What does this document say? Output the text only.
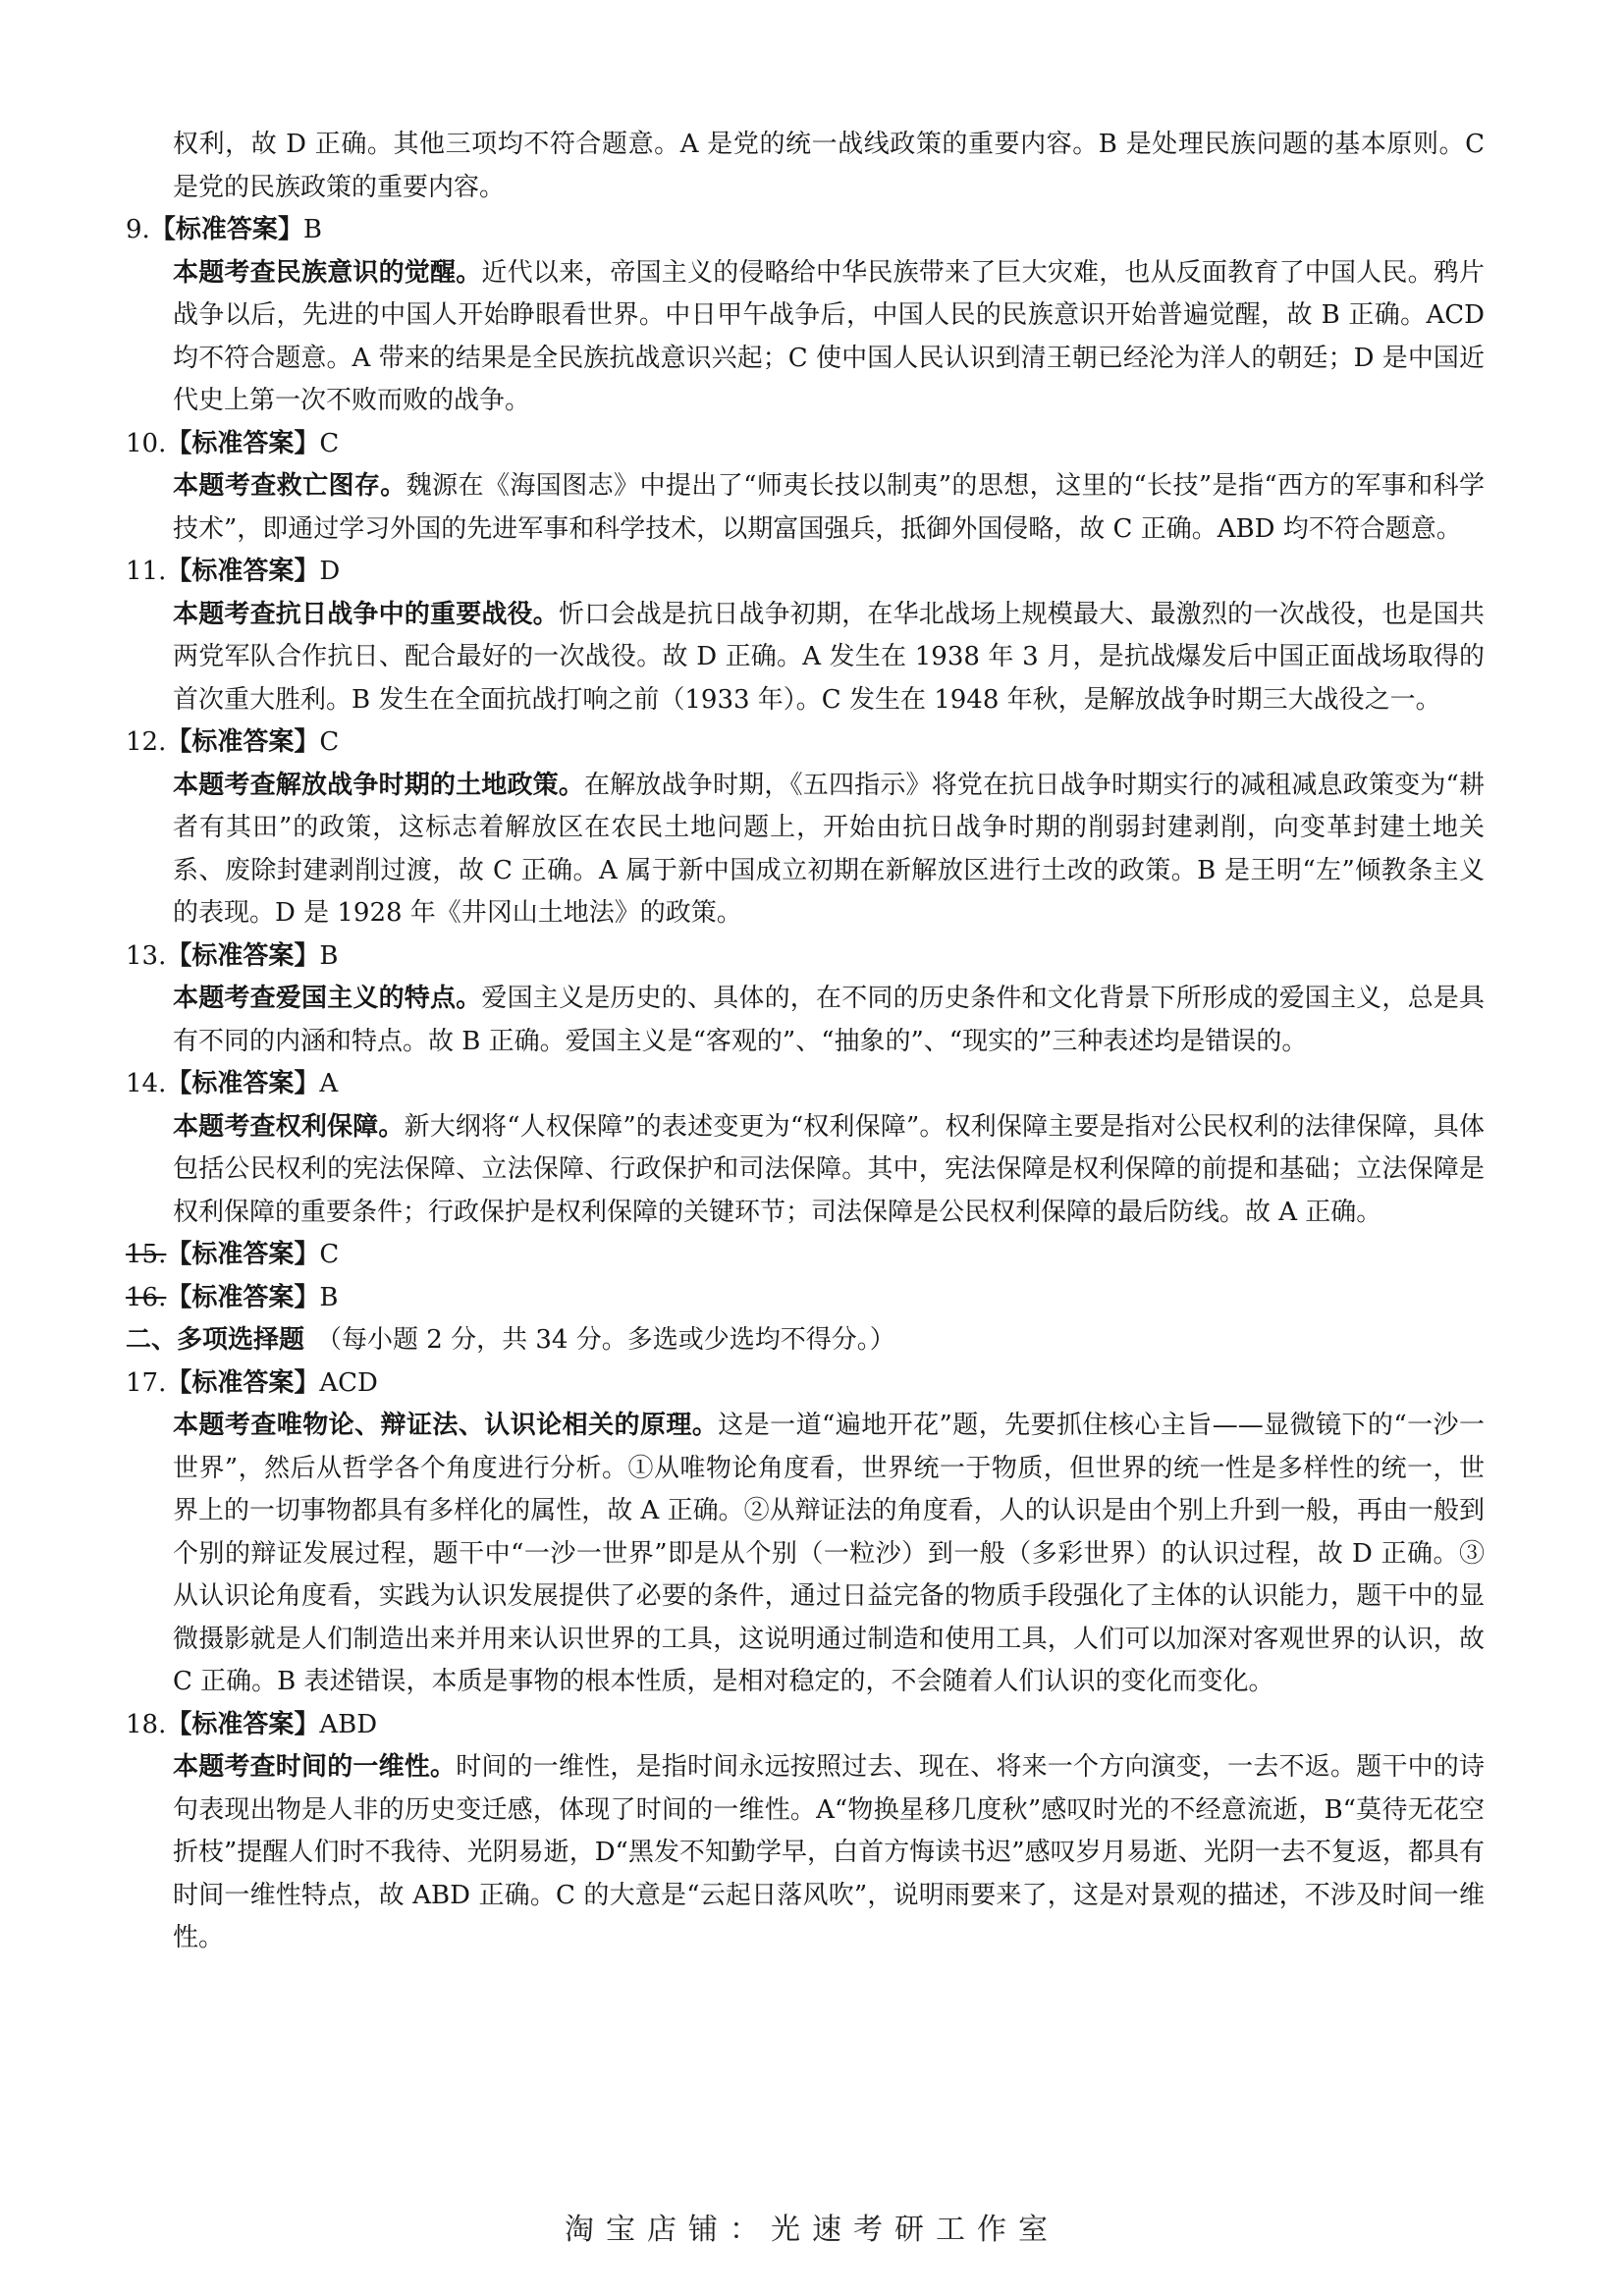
权利，故 D 正确。其他三项均不符合题意。A 是党的统一战线政策的重要内容。B 是处理民族问题的基本原则。C 是党的民族政策的重要内容。

9.【标准答案】B

本题考查民族意识的觉醒。近代以来，帝国主义的侵略给中华民族带来了巨大灾难，也从反面教育了中国人民。鸦片战争以后，先进的中国人开始睁眼看世界。中日甲午战争后，中国人民的民族意识开始普遍觉醒，故 B 正确。ACD 均不符合题意。A 带来的结果是全民族抗战意识兴起；C 使中国人民认识到清王朝已经沦为洋人的朝廷；D 是中国近代史上第一次不败而败的战争。

10.【标准答案】C

本题考查救亡图存。魏源在《海国图志》中提出了“师夷长技以制夷”的思想，这里的“长技”是指“西方的军事和科学技术”，即通过学习外国的先进军事和科学技术，以期富国强兵，抵御外国侵略，故 C 正确。ABD 均不符合题意。

11.【标准答案】D

本题考查抗日战争中的重要战役。忻口会战是抗日战争初期，在华北战场上规模最大、最激烈的一次战役，也是国共两党军队合作抗日、配合最好的一次战役。故 D 正确。A 发生在 1938 年 3 月，是抗战爆发后中国正面战场取得的首次重大胜利。B 发生在全面抗战打响之前（1933 年）。C 发生在 1948 年秋，是解放战争时期三大战役之一。

12.【标准答案】C

本题考查解放战争时期的土地政策。在解放战争时期，《五四指示》将党在抗日战争时期实行的减租减息政策变为“耕者有其田”的政策，这标志着解放区在农民土地问题上，开始由抗日战争时期的削弱封建剥削，向变革封建土地关系、废除封建剥削过渡，故 C 正确。A 属于新中国成立初期在新解放区进行土改的政策。B 是王明“左”倾教条主义的表现。D 是 1928 年《井冈山土地法》的政策。

13.【标准答案】B

本题考查爱国主义的特点。爱国主义是历史的、具体的，在不同的历史条件和文化背景下所形成的爱国主义，总是具有不同的内涵和特点。故 B 正确。爱国主义是“客观的”、“抽象的”、“现实的”三种表述均是错误的。

14.【标准答案】A

本题考查权利保障。新大纲将“人权保障”的表述变更为“权利保障”。权利保障主要是指对公民权利的法律保障，具体包括公民权利的宪法保障、立法保障、行政保护和司法保障。其中，宪法保障是权利保障的前提和基础；立法保障是权利保障的重要条件；行政保护是权利保障的关键环节；司法保障是公民权利保障的最后防线。故 A 正确。

15.【标准答案】C

16.【标准答案】B

二、多项选择题 （每小题 2 分，共 34 分。多选或少选均不得分。）

17.【标准答案】ACD

本题考查唯物论、辩证法、认识论相关的原理。这是一道“遍地开花”题，先要抓住核心主旨——显微镜下的“一沙一世界”，然后从哲学各个角度进行分析。①从唯物论角度看，世界统一于物质，但世界的统一性是多样性的统一，世界上的一切事物都具有多样化的属性，故 A 正确。②从辩证法的角度看，人的认识是由个别上升到一般，再由一般到个别的辩证发展过程，题干中“一沙一世界”即是从个别（一粒沙）到一般（多彩世界）的认识过程，故 D 正确。③从认识论角度看，实践为认识发展提供了必要的条件，通过日益完备的物质手段强化了主体的认识能力，题干中的显微摄影就是人们制造出来并用来认识世界的工具，这说明通过制造和使用工具，人们可以加深对客观世界的认识，故 C 正确。B 表述错误，本质是事物的根本性质，是相对稳定的，不会随着人们认识的变化而变化。

18.【标准答案】ABD

本题考查时间的一维性。时间的一维性，是指时间永远按照过去、现在、将来一个方向演变，一去不返。题干中的诗句表现出物是人非的历史变迁感，体现了时间的一维性。A“物换星移几度秋”感叹时光的不经意流逝，B“莫待无花空折枝”提醒人们时不我待、光阴易逝，D“黑发不知勤学早，白首方悔读书迟”感叹岁月易逝、光阴一去不复返，都具有时间一维性特点，故 ABD 正确。C 的大意是“云起日落风吹”，说明雨要来了，这是对景观的描述，不涉及时间一维性。

淘宝店铺：光速考研工作室
